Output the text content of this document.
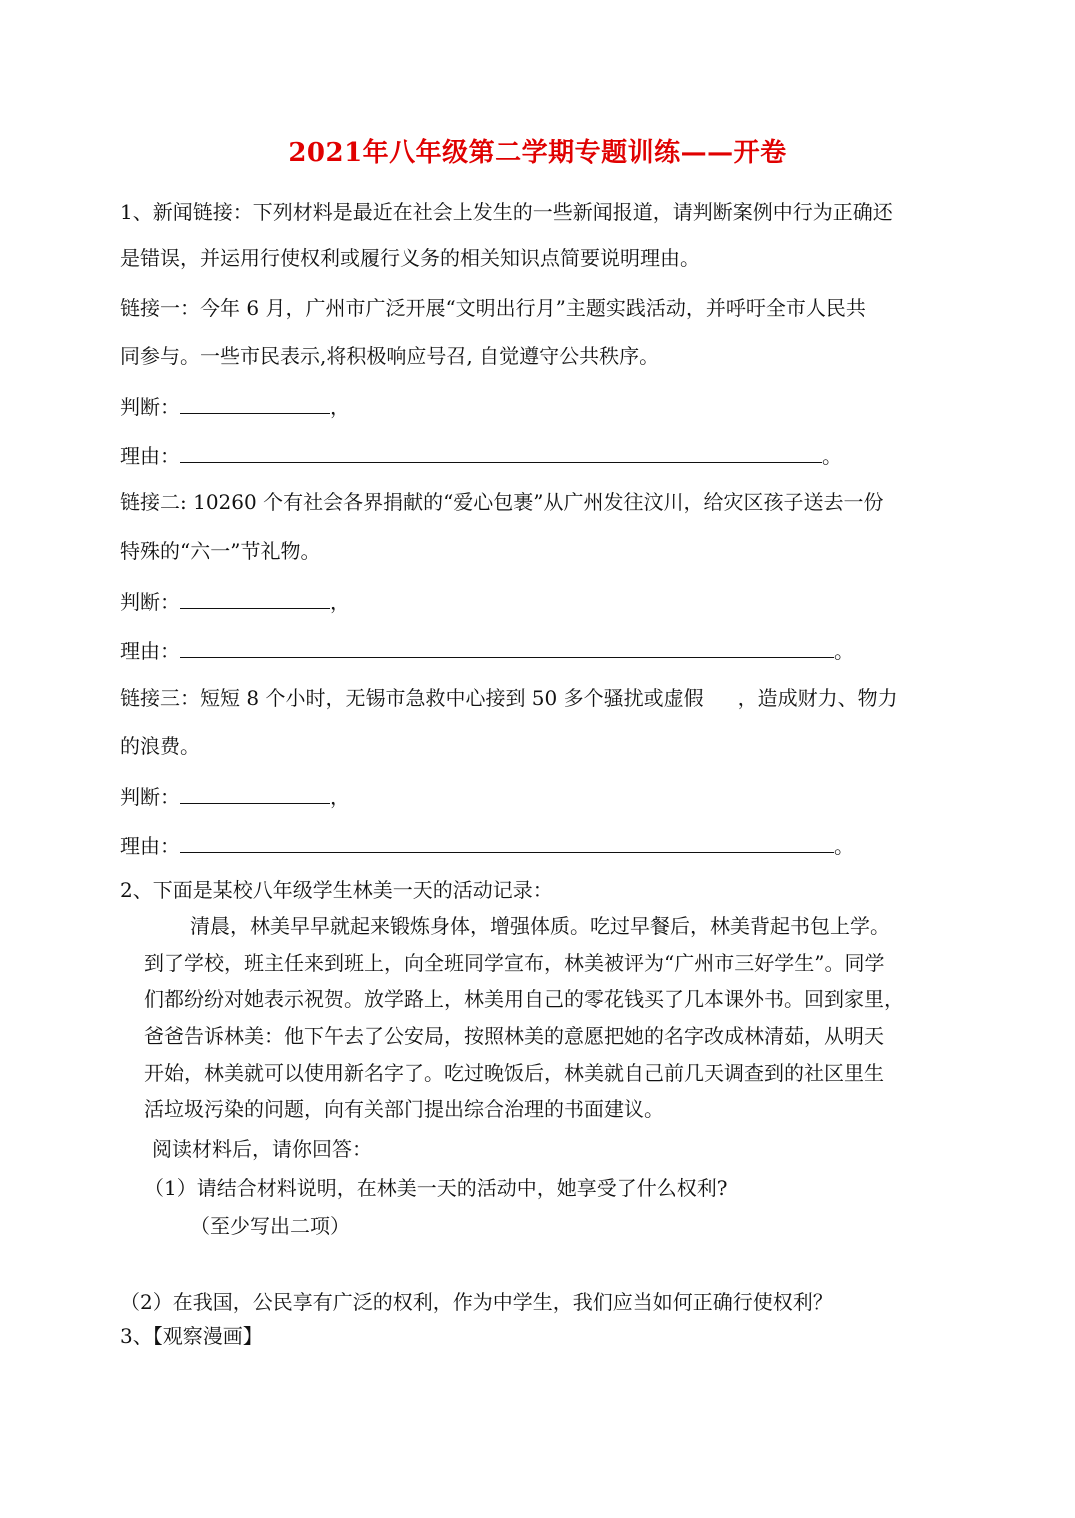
2021年八年级第二学期专题训练——开卷
1、新闻链接：下列材料是最近在社会上发生的一些新闻报道，请判断案例中行为正确还
是错误，并运用行使权利或履行义务的相关知识点简要说明理由。
链接一：今年 6 月，广州市广泛开展“文明出行月”主题实践活动，并呼吁全市人民共
同参与。一些市民表示,将积极响应号召, 自觉遵守公共秩序。
判断：	，
理由：	。
链接二: 10260 个有社会各界捐献的“爱心包裹”从广州发往汶川，给灾区孩子送去一份
特殊的“六一”节礼物。
判断：	，
理由：	。
链接三：短短 8 个小时，无锡市急救中心接到 50 多个骚扰或虚假 ，造成财力、物力
的浪费。
判断：	，
理由：	。
2、下面是某校八年级学生林美一天的活动记录：
清晨，林美早早就起来锻炼身体，增强体质。吃过早餐后，林美背起书包上学。
到了学校，班主任来到班上，向全班同学宣布，林美被评为“广州市三好学生”。同学
们都纷纷对她表示祝贺。放学路上，林美用自己的零花钱买了几本课外书。回到家里，
爸爸告诉林美：他下午去了公安局，按照林美的意愿把她的名字改成林清茹，从明天
开始，林美就可以使用新名字了。吃过晚饭后，林美就自己前几天调查到的社区里生
活垃圾污染的问题，向有关部门提出综合治理的书面建议。
阅读材料后，请你回答：
（1）请结合材料说明，在林美一天的活动中，她享受了什么权利?
（至少写出二项）
（2）在我国，公民享有广泛的权利，作为中学生，我们应当如何正确行使权利？
3、【观察漫画】
